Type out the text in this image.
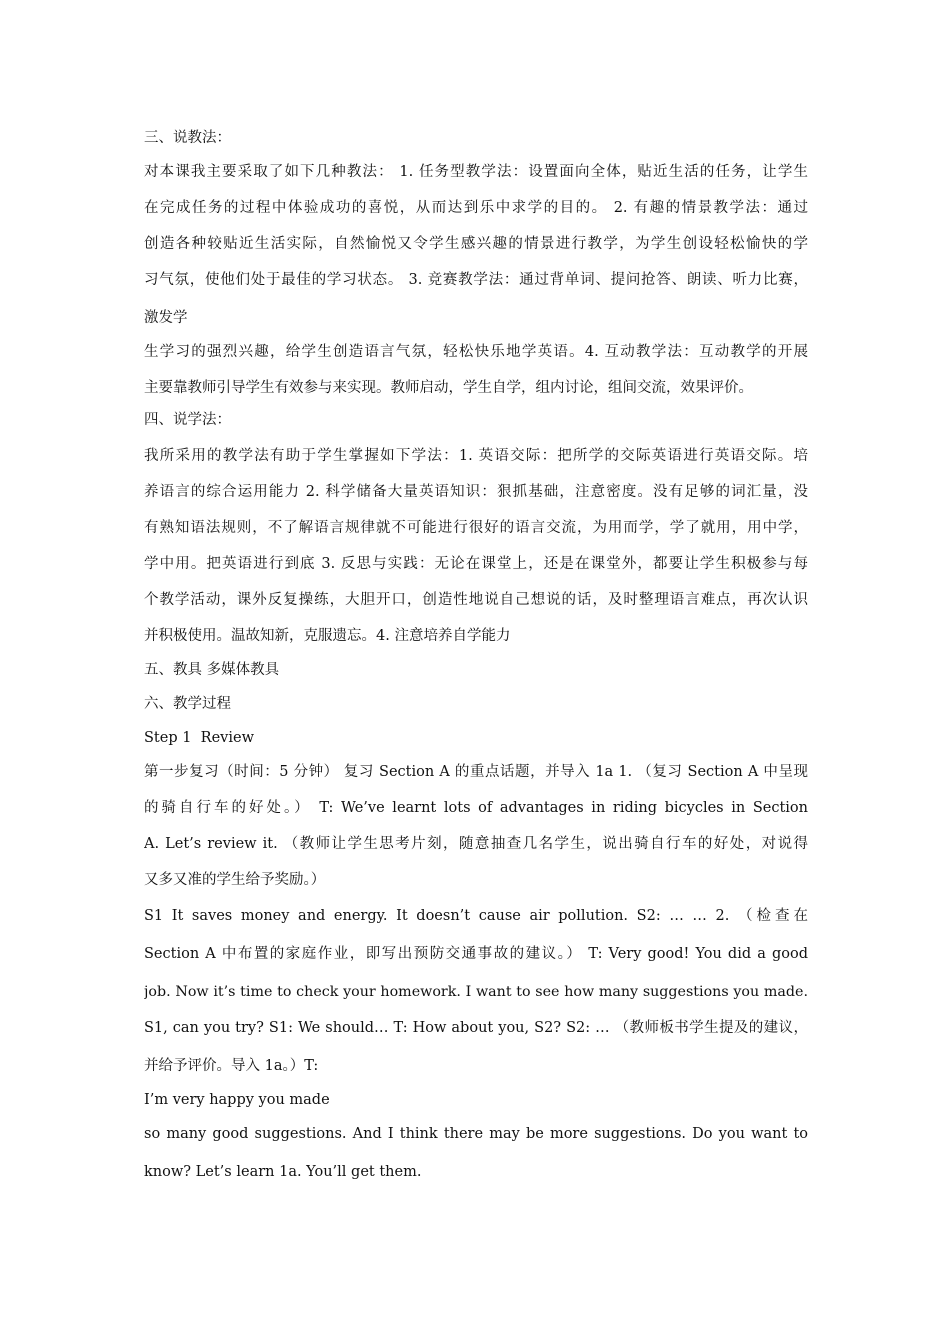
三、说教法：
对本课我主要采取了如下几种教法： 1. 任务型教学法：设置面向全体，贴近生活的任务，让学生
在完成任务的过程中体验成功的喜悦，从而达到乐中求学的目的。 2. 有趣的情景教学法：通过
创造各种较贴近生活实际，自然愉悦又令学生感兴趣的情景进行教学，为学生创设轻松愉快的学
习气氛，使他们处于最佳的学习状态。 3. 竞赛教学法：通过背单词、提问抢答、朗读、听力比赛，
激发学
生学习的强烈兴趣，给学生创造语言气氛，轻松快乐地学英语。4. 互动教学法：互动教学的开展
主要靠教师引导学生有效参与来实现。教师启动，学生自学，组内讨论，组间交流，效果评价。
四、说学法：
我所采用的教学法有助于学生掌握如下学法：1. 英语交际：把所学的交际英语进行英语交际。培
养语言的综合运用能力 2. 科学储备大量英语知识：狠抓基础，注意密度。没有足够的词汇量，没
有熟知语法规则，不了解语言规律就不可能进行很好的语言交流，为用而学，学了就用，用中学，
学中用。把英语进行到底 3. 反思与实践：无论在课堂上，还是在课堂外，都要让学生积极参与每
个教学活动，课外反复操练，大胆开口，创造性地说自己想说的话，及时整理语言难点，再次认识
并积极使用。温故知新，克服遗忘。4. 注意培养自学能力
五、教具 多媒体教具
六、教学过程
Step 1  Review
第一步复习（时间：5 分钟） 复习 Section A 的重点话题，并导入 1a 1. （复习 Section A 中呈现
的骑自行车的好处。） T: We’ve learnt lots of advantages in riding bicycles in Section
A. Let’s review it. （教师让学生思考片刻，随意抽查几名学生，说出骑自行车的好处，对说得
又多又准的学生给予奖励。）
S1 It saves money and energy. It doesn’t cause air pollution. S2: … … 2. （检查在
Section A 中布置的家庭作业，即写出预防交通事故的建议。） T: Very good! You did a good
job. Now it’s time to check your homework. I want to see how many suggestions you made.
S1, can you try? S1: We should… T: How about you, S2? S2: … （教师板书学生提及的建议，
并给予评价。导入 1a。）T:
I’m very happy you made
so many good suggestions. And I think there may be more suggestions. Do you want to
know? Let’s learn 1a. You’ll get them.
